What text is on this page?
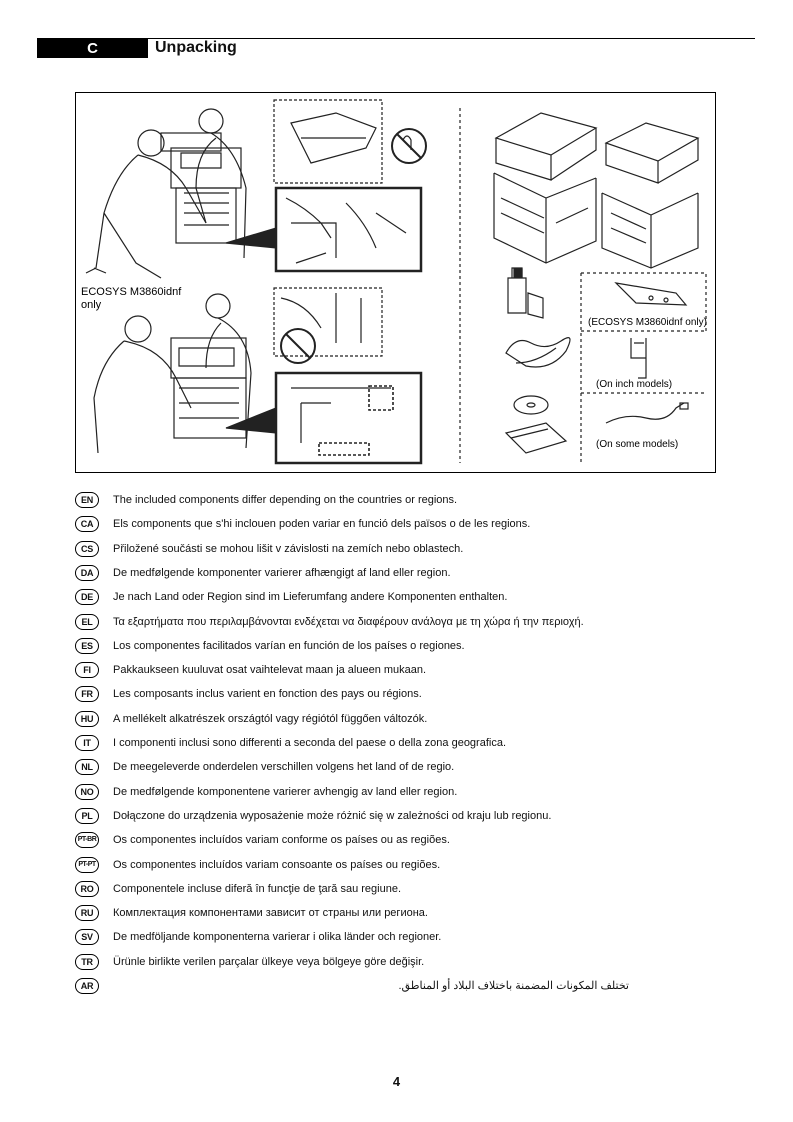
C	Unpacking
ECOSYS M3860idnf
only
(ECOSYS M3860idnf only)
(On inch models)
(On some models)
EN	The included components differ depending on the countries or regions.
CA	Els components que s'hi inclouen poden variar en funció dels països o de les regions.
CS	Přiložené součásti se mohou lišit v závislosti na zemích nebo oblastech.
DA	De medfølgende komponenter varierer afhængigt af land eller region.
DE	Je nach Land oder Region sind im Lieferumfang andere Komponenten enthalten.
EL	Τα εξαρτήματα που περιλαμβάνονται ενδέχεται να διαφέρουν ανάλογα με τη χώρα ή την περιοχή.
ES	Los componentes facilitados varían en función de los países o regiones.
FI	Pakkaukseen kuuluvat osat vaihtelevat maan ja alueen mukaan.
FR	Les composants inclus varient en fonction des pays ou régions.
HU	A mellékelt alkatrészek országtól vagy régiótól függően változók.
IT	I componenti inclusi sono differenti a seconda del paese o della zona geografica.
NL	De meegeleverde onderdelen verschillen volgens het land of de regio.
NO	De medfølgende komponentene varierer avhengig av land eller region.
PL	Dołączone do urządzenia wyposażenie może różnić się w zależności od kraju lub regionu.
PT-BR Os componentes incluídos variam conforme os países ou as regiões.
PT-PT	Os componentes incluídos variam consoante os países ou regiões.
RO	Componentele incluse diferă în funcţie de ţară sau regiune.
RU	Комплектация компонентами зависит от страны или региона.
SV	De medföljande komponenterna varierar i olika länder och regioner.
TR	Ürünle birlikte verilen parçalar ülkeye veya bölgeye göre değişir.
AR	تختلف المكونات المضمنة باختلاف البلاد أو المناطق.
4
